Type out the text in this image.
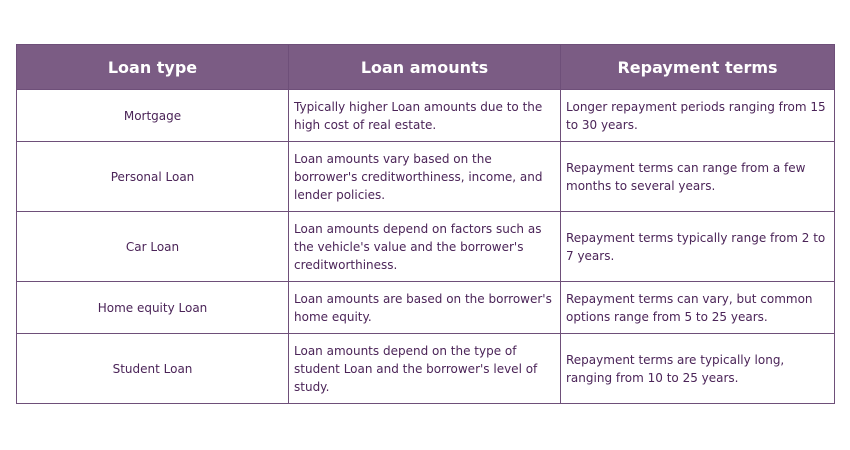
Loan type	Loan amounts	Repayment terms
Mortgage	Typically higher Loan amounts due to the high cost of real estate.	Longer repayment periods ranging from 15 to 30 years.
Personal Loan	Loan amounts vary based on the borrower's creditworthiness, income, and lender policies.	Repayment terms can range from a few months to several years.
Car Loan	Loan amounts depend on factors such as the vehicle's value and the borrower's creditworthiness.	Repayment terms typically range from 2 to 7 years.
Home equity Loan	Loan amounts are based on the borrower's home equity.	Repayment terms can vary, but common options range from 5 to 25 years.
Student Loan	Loan amounts depend on the type of student Loan and the borrower's level of study.	Repayment terms are typically long, ranging from 10 to 25 years.
